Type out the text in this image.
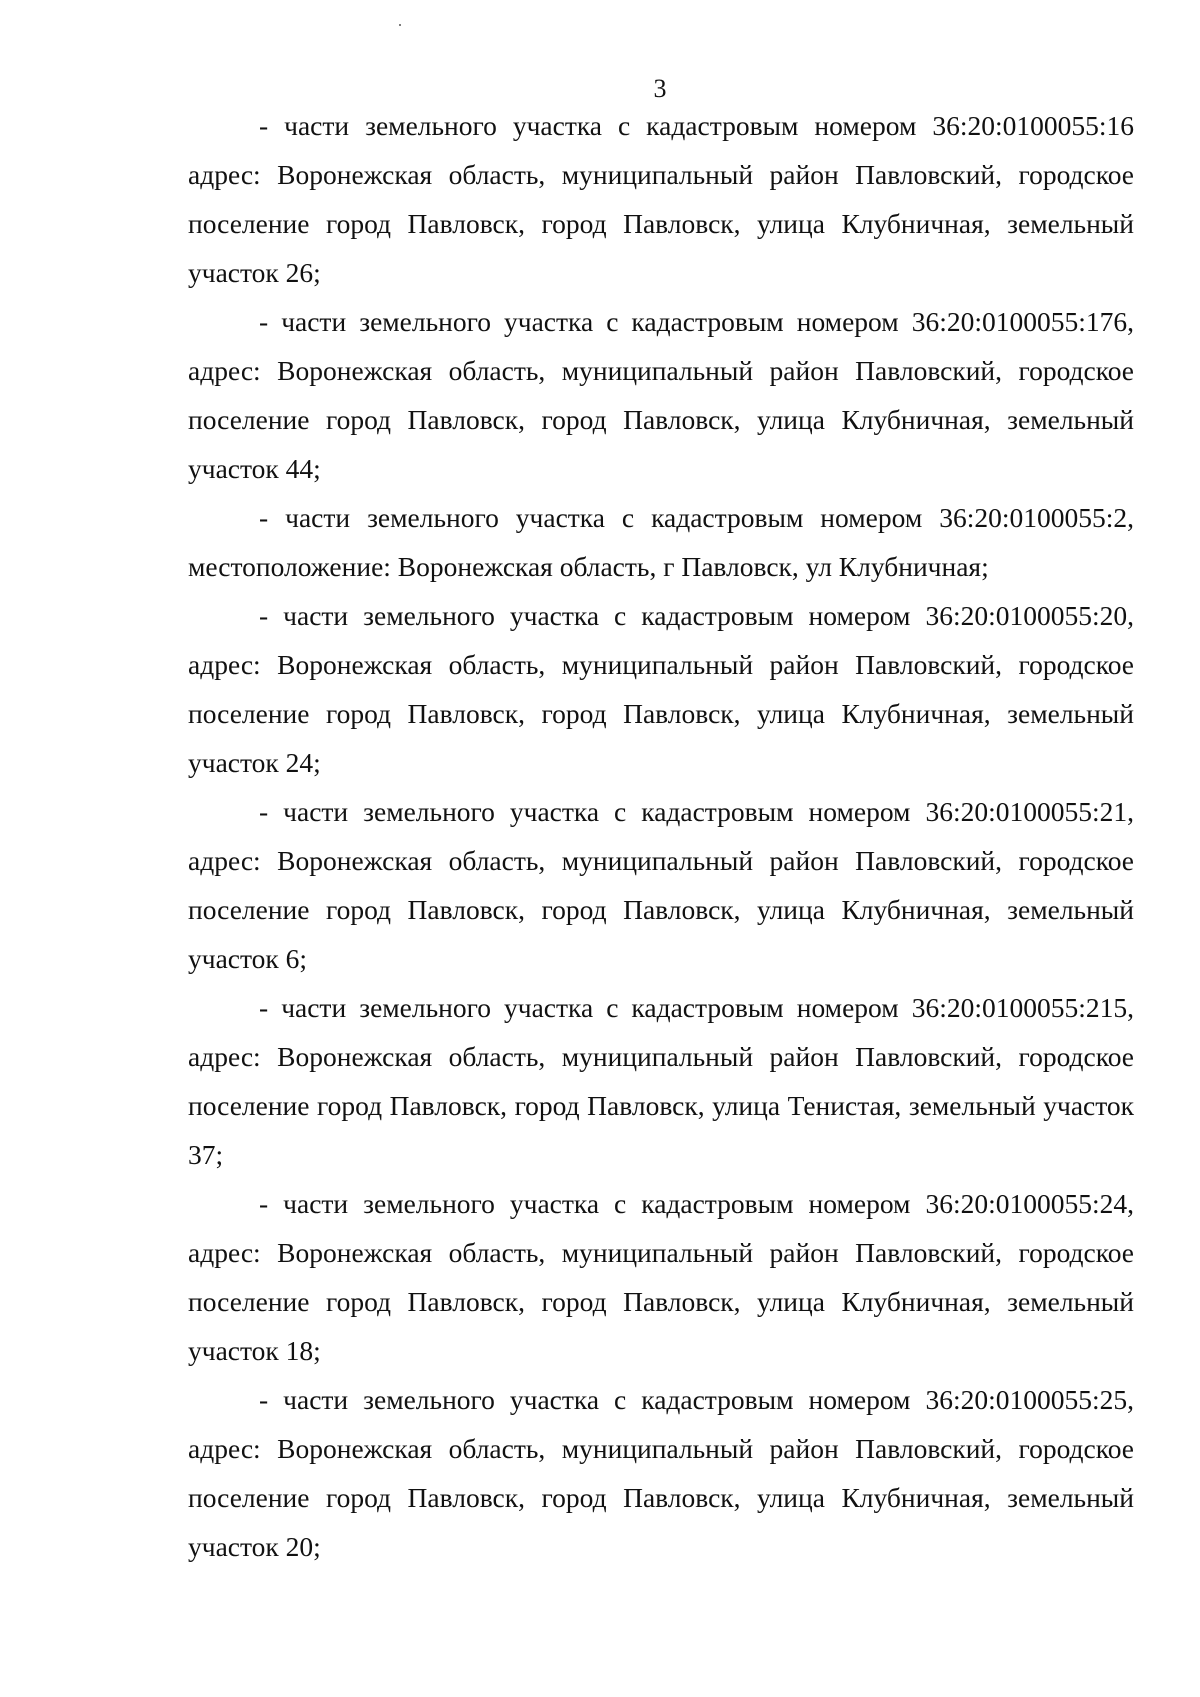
3

- части земельного участка с кадастровым номером 36:20:0100055:16 адрес: Воронежская область, муниципальный район Павловский, городское поселение город Павловск, город Павловск, улица Клубничная, земельный участок 26;

- части земельного участка с кадастровым номером 36:20:0100055:176, адрес: Воронежская область, муниципальный район Павловский, городское поселение город Павловск, город Павловск, улица Клубничная, земельный участок 44;

- части земельного участка с кадастровым номером 36:20:0100055:2, местоположение: Воронежская область, г Павловск, ул Клубничная;

- части земельного участка с кадастровым номером 36:20:0100055:20, адрес: Воронежская область, муниципальный район Павловский, городское поселение город Павловск, город Павловск, улица Клубничная, земельный участок 24;

- части земельного участка с кадастровым номером 36:20:0100055:21, адрес: Воронежская область, муниципальный район Павловский, городское поселение город Павловск, город Павловск, улица Клубничная, земельный участок 6;

- части земельного участка с кадастровым номером 36:20:0100055:215, адрес: Воронежская область, муниципальный район Павловский, городское поселение город Павловск, город Павловск, улица Тенистая, земельный участок 37;

- части земельного участка с кадастровым номером 36:20:0100055:24, адрес: Воронежская область, муниципальный район Павловский, городское поселение город Павловск, город Павловск, улица Клубничная, земельный участок 18;

- части земельного участка с кадастровым номером 36:20:0100055:25, адрес: Воронежская область, муниципальный район Павловский, городское поселение город Павловск, город Павловск, улица Клубничная, земельный участок 20;
